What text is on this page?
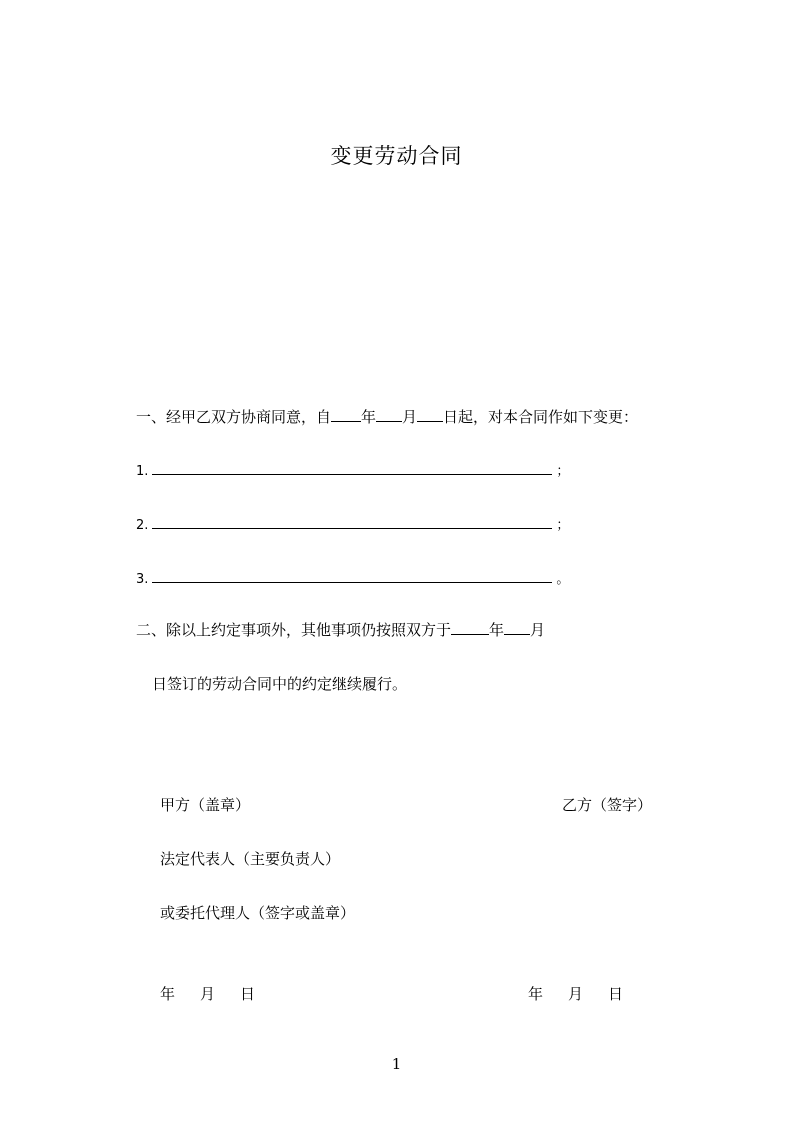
变更劳动合同
一、经甲乙双方协商同意，自 年 月 日起，对本合同作如下变更：
1.	；
2.	；
3.	。
二、除以上约定事项外，其他事项仍按照双方于	年 月
日签订的劳动合同中的约定继续履行。
甲方（盖章）	乙方（签字）
法定代表人（主要负责人）
或委托代理人（签字或盖章）
年 月 日	年 月 日
1
